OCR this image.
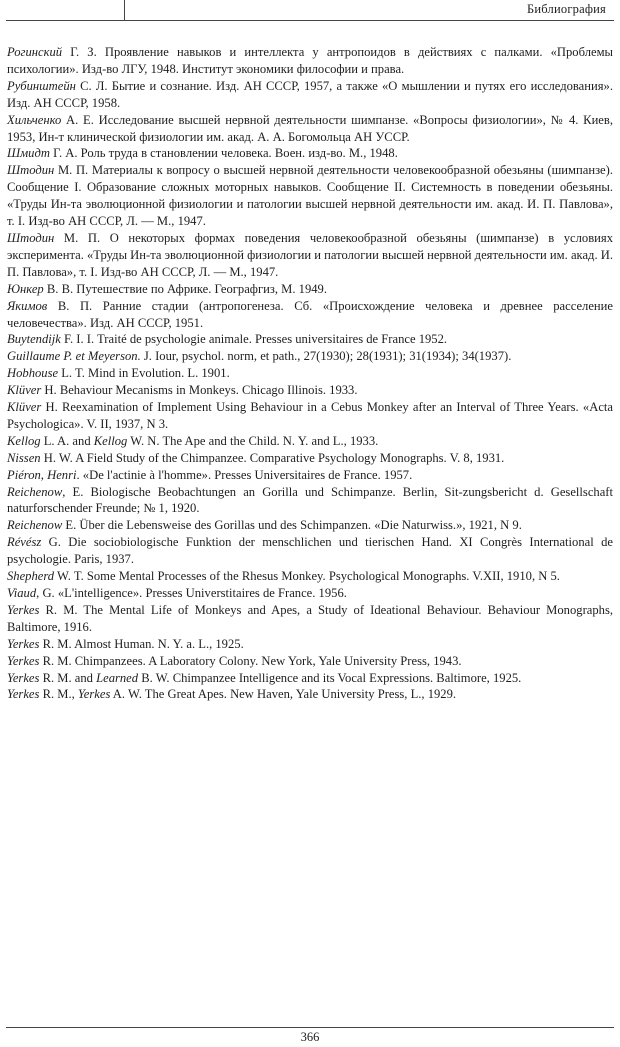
Библиография

Рогинский Г. З. Проявление навыков и интеллекта у антропоидов в действиях с палками. «Проблемы психологии». Изд-во ЛГУ, 1948. Институт экономики философии и права.

Рубинштейн С. Л. Бытие и сознание. Изд. АН СССР, 1957, а также «О мышлении и путях его исследования». Изд. АН СССР, 1958.

Хильченко А. Е. Исследование высшей нервной деятельности шимпанзе. «Вопросы физиологии», № 4. Киев, 1953, Ин-т клинической физиологии им. акад. А. А. Богомольца АН УССР.

Шмидт Г. А. Роль труда в становлении человека. Воен. изд-во. М., 1948.

Штодин М. П. Материалы к вопросу о высшей нервной деятельности человекообразной обезьяны (шимпанзе). Сообщение I. Образование сложных моторных навыков. Сообщение II. Системность в поведении обезьяны. «Труды Ин-та эволюционной физиологии и патологии высшей нервной деятельности им. акад. И. П. Павлова», т. I. Изд-во АН СССР, Л. — М., 1947.

Штодин М. П. О некоторых формах поведения человекообразной обезьяны (шимпанзе) в условиях эксперимента. «Труды Ин-та эволюционной физиологии и патологии высшей нервной деятельности им. акад. И. П. Павлова», т. I. Изд-во АН СССР, Л. — М., 1947.

Юнкер В. В. Путешествие по Африке. Географгиз, М. 1949.

Якимов В. П. Ранние стадии (антропогенеза. Сб. «Происхождение человека и древнее расселение человечества». Изд. АН СССР, 1951.

Buytendijk F. I. I. Traité de psychologie animale. Presses universitaires de France 1952.

Guillaume P. et Meyerson. J. Iour, psychol. norm, et path., 27(1930); 28(1931); 31(1934); 34(1937).

Hobhouse L. T. Mind in Evolution. L. 1901.

Klüver H. Behaviour Mecanisms in Monkeys. Chicago Illinois. 1933.

Klüver H. Reexamination of Implement Using Behaviour in a Cebus Monkey after an Interval of Three Years. «Acta Psychologica». V. II, 1937, N 3.

Kellog L. A. and Kellog W. N. The Ape and the Child. N. Y. and L., 1933.

Nissen H. W. A Field Study of the Chimpanzee. Comparative Psychology Monographs. V. 8, 1931.

Piéron, Henri. «De l'actinie à l'homme». Presses Universitaires de France. 1957.

Reichenow, E. Biologische Beobachtungen an Gorilla und Schimpanze. Berlin, Sit-zungsbericht d. Gesellschaft naturforschender Freunde; № 1, 1920.

Reichenow E. Über die Lebensweise des Gorillas und des Schimpanzen. «Die Naturwiss.», 1921, N 9.

Révész G. Die sociobiologische Funktion der menschlichen und tierischen Hand. XI Congrès International de psychologie. Paris, 1937.

Shepherd W. T. Some Mental Processes of the Rhesus Monkey. Psychological Monographs. V.XII, 1910, N 5.

Viaud, G. «L'intelligence». Presses Universtitaires de France. 1956.

Yerkes R. M. The Mental Life of Monkeys and Apes, a Study of Ideational Behaviour. Behaviour Monographs, Baltimore, 1916.

Yerkes R. M. Almost Human. N. Y. a. L., 1925.

Yerkes R. M. Chimpanzees. A Laboratory Colony. New York, Yale University Press, 1943.

Yerkes R. M. and Learned B. W. Chimpanzee Intelligence and its Vocal Expressions. Baltimore, 1925.

Yerkes R. M., Yerkes A. W. The Great Apes. New Haven, Yale University Press, L., 1929.

366
